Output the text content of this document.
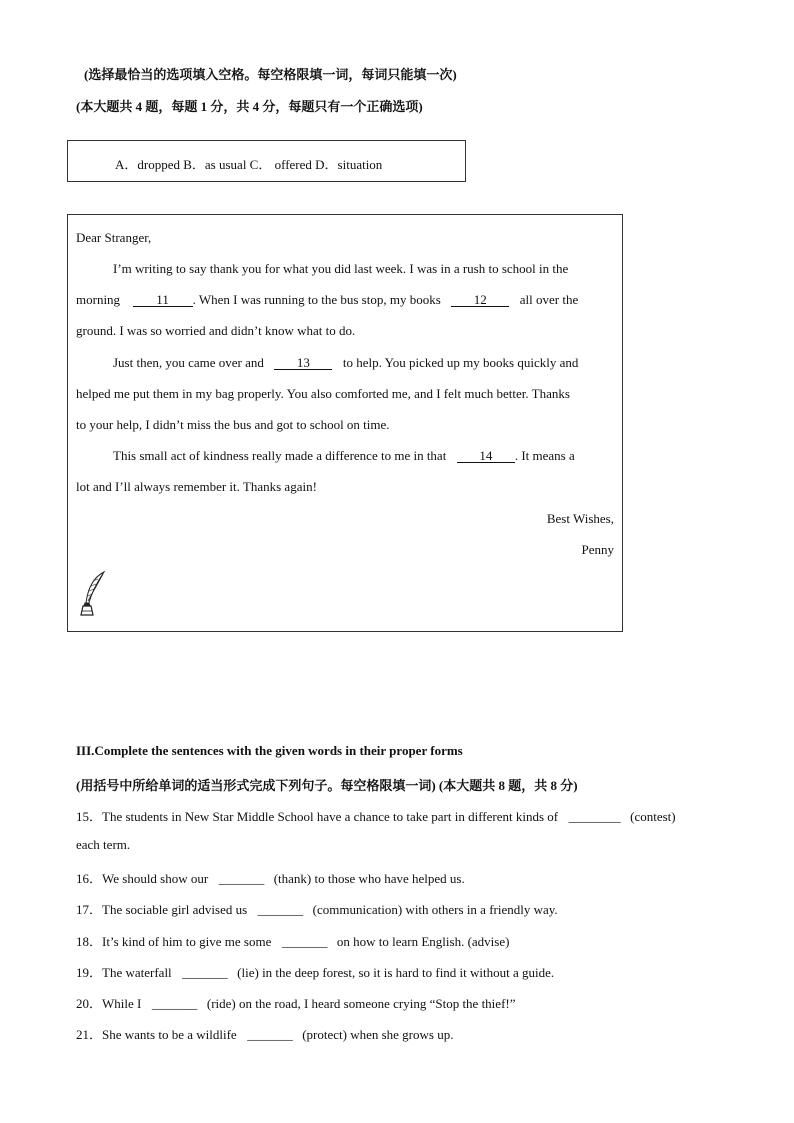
(选择最恰当的选项填入空格。每空格限填一词，每词只能填一次)
(本大题共 4 题，每题 1 分，共 4 分，每题只有一个正确选项)
A．dropped B．as usual C． offered D．situation
Dear Stranger,
I’m writing to say thank you for what you did last week. I was in a rush to school in the
morning	11 . When I was running to the bus stop, my books	12	all over the
ground. I was so worried and didn’t know what to do.
Just then, you came over and	13	to help. You picked up my books quickly and
helped me put them in my bag properly. You also comforted me, and I felt much better. Thanks
to your help, I didn’t miss the bus and got to school on time.
This small act of kindness really made a difference to me in that	14 . It means a
lot and I’ll always remember it. Thanks again!
Best Wishes,
Penny
III.Complete the sentences with the given words in their proper forms
(用括号中所给单词的适当形式完成下列句子。每空格限填一词) (本大题共 8 题，共 8 分)
15．The students in New Star Middle School have a chance to take part in different kinds of ________ (contest)
each term.
16．We should show our _______ (thank) to those who have helped us.
17．The sociable girl advised us _______ (communication) with others in a friendly way.
18．It’s kind of him to give me some _______ on how to learn English. (advise)
19．The waterfall _______ (lie) in the deep forest, so it is hard to find it without a guide.
20．While I _______ (ride) on the road, I heard someone crying “Stop the thief!”
21．She wants to be a wildlife _______ (protect) when she grows up.
